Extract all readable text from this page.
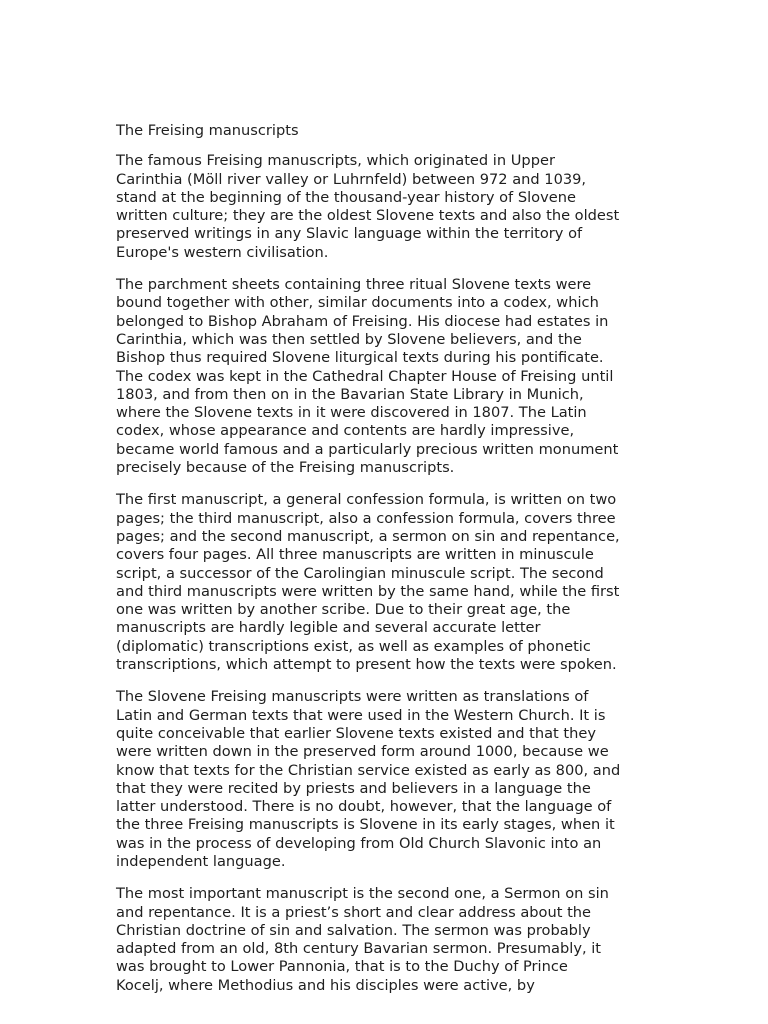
The Freising manuscripts

The famous Freising manuscripts, which originated in Upper
Carinthia (Möll river valley or Luhrnfeld) between 972 and 1039,
stand at the beginning of the thousand-year history of Slovene
written culture; they are the oldest Slovene texts and also the oldest
preserved writings in any Slavic language within the territory of
Europe's western civilisation.

The parchment sheets containing three ritual Slovene texts were
bound together with other, similar documents into a codex, which
belonged to Bishop Abraham of Freising. His diocese had estates in
Carinthia, which was then settled by Slovene believers, and the
Bishop thus required Slovene liturgical texts during his pontificate.
The codex was kept in the Cathedral Chapter House of Freising until
1803, and from then on in the Bavarian State Library in Munich,
where the Slovene texts in it were discovered in 1807. The Latin
codex, whose appearance and contents are hardly impressive,
became world famous and a particularly precious written monument
precisely because of the Freising manuscripts.

The first manuscript, a general confession formula, is written on two
pages; the third manuscript, also a confession formula, covers three
pages; and the second manuscript, a sermon on sin and repentance,
covers four pages. All three manuscripts are written in minuscule
script, a successor of the Carolingian minuscule script. The second
and third manuscripts were written by the same hand, while the first
one was written by another scribe. Due to their great age, the
manuscripts are hardly legible and several accurate letter
(diplomatic) transcriptions exist, as well as examples of phonetic
transcriptions, which attempt to present how the texts were spoken.

The Slovene Freising manuscripts were written as translations of
Latin and German texts that were used in the Western Church. It is
quite conceivable that earlier Slovene texts existed and that they
were written down in the preserved form around 1000, because we
know that texts for the Christian service existed as early as 800, and
that they were recited by priests and believers in a language the
latter understood. There is no doubt, however, that the language of
the three Freising manuscripts is Slovene in its early stages, when it
was in the process of developing from Old Church Slavonic into an
independent language.

The most important manuscript is the second one, a Sermon on sin
and repentance. It is a priest’s short and clear address about the
Christian doctrine of sin and salvation. The sermon was probably
adapted from an old, 8th century Bavarian sermon. Presumably, it
was brought to Lower Pannonia, that is to the Duchy of Prince
Kocelj, where Methodius and his disciples were active, by
